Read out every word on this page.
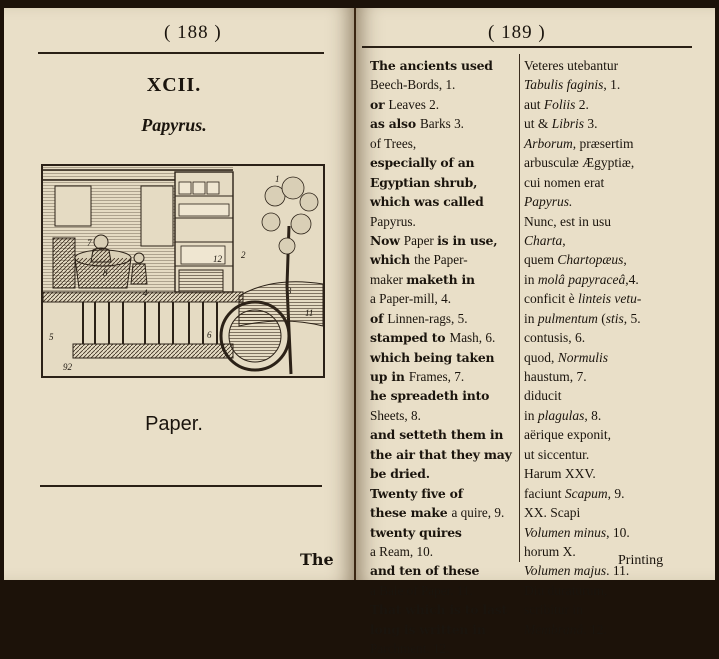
( 188 )
XCII.
Papyrus.
1
2
3
4
5	6
7
8
11
12
92
Paper.
The
( 189 )
The ancients used
Beech-Bords, 1.
or Leaves 2.
as also Barks 3.
of Trees,
especially of an
Egyptian shrub,
which was called
Papyrus.
Now Paper is in use,
which the Paper-
maker maketh in
a Paper-mill, 4.
of Linnen-rags, 5.
stamped to Mash, 6.
which being taken
up in Frames, 7.
he spreadeth into
Sheets, 8.
and setteth them in
the air that they may
be dried.
Twenty five of
these make a quire, 9.
twenty quires
a Ream, 10.
and ten of these
a Bale of Paper. 11.
That which is to last
long is written in
Parchment. 12.
Veteres utebantur
Tabulis faginis, 1.
aut Foliis 2.
ut & Libris 3.
Arborum, præsertim
arbusculæ Ægyptiæ,
cui nomen erat
Papyrus.
Nunc, est in usu
Charta,
quem Chartopæus,
in molâ papyraceâ,4.
conficit è linteis vetu-
in pulmentum (stis, 5.
contusis, 6.
quod, Normulis
haustum, 7.
diducit
in plagulas, 8.
aërique exponit,
ut siccentur.
Harum XXV.
faciunt Scapum, 9.
XX. Scapi
Volumen minus, 10.
horum X.
Volumen majus. 11.
Diu duraturum,
scribitur in
Membranâ. 12.
Printing
